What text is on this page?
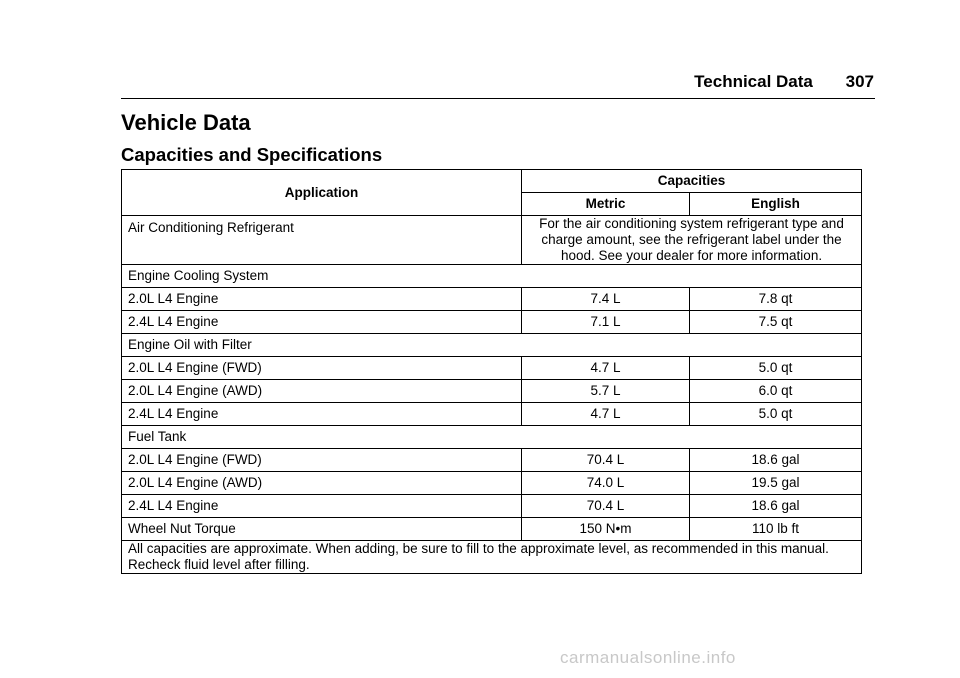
Technical Data 307
Vehicle Data
Capacities and Specifications
Application	Capacities	
	Metric	English
Air Conditioning Refrigerant	For the air conditioning system refrigerant type and charge amount, see the refrigerant label under the hood. See your dealer for more information.	
Engine Cooling System		
2.0L L4 Engine	7.4 L	7.8 qt
2.4L L4 Engine	7.1 L	7.5 qt
Engine Oil with Filter		
2.0L L4 Engine (FWD)	4.7 L	5.0 qt
2.0L L4 Engine (AWD)	5.7 L	6.0 qt
2.4L L4 Engine	4.7 L	5.0 qt
Fuel Tank		
2.0L L4 Engine (FWD)	70.4 L	18.6 gal
2.0L L4 Engine (AWD)	74.0 L	19.5 gal
2.4L L4 Engine	70.4 L	18.6 gal
Wheel Nut Torque	150 N•m	110 lb ft
All capacities are approximate. When adding, be sure to fill to the approximate level, as recommended in this manual. Recheck fluid level after filling.		
carmanualsonline.info
